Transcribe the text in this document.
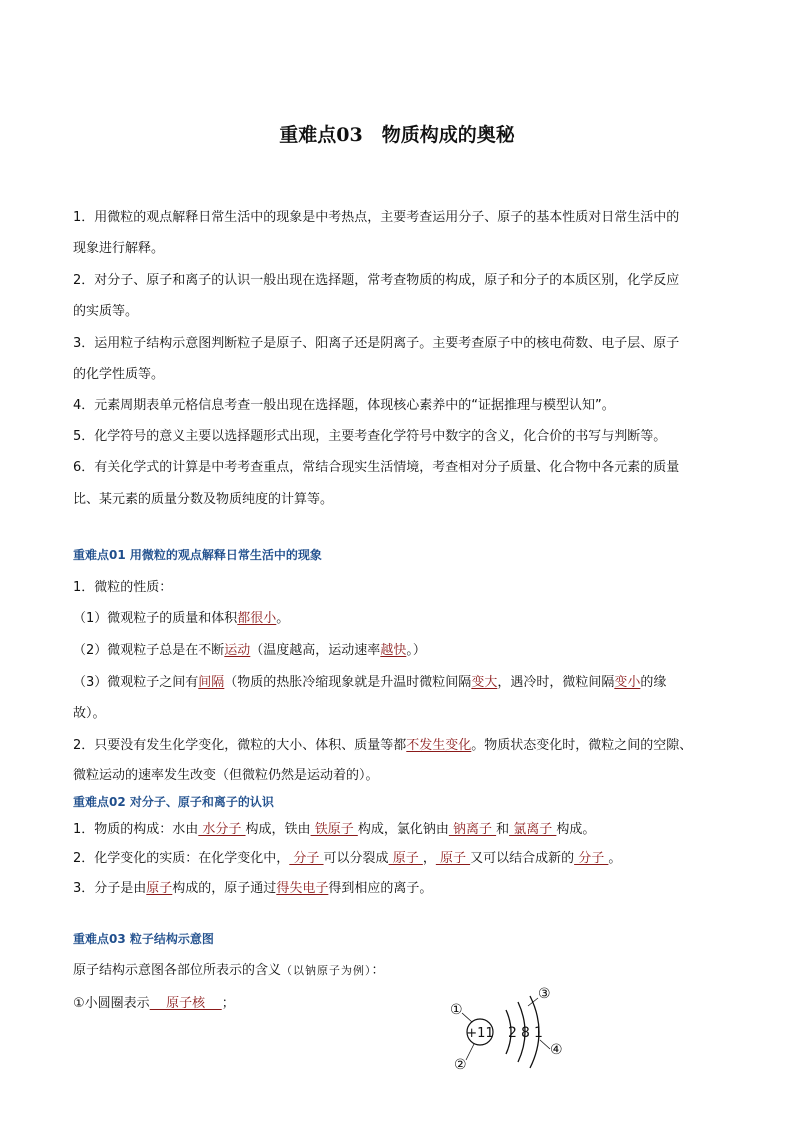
重难点03　物质构成的奥秘
1．用微粒的观点解释日常生活中的现象是中考热点，主要考查运用分子、原子的基本性质对日常生活中的
现象进行解释。
2．对分子、原子和离子的认识一般出现在选择题，常考查物质的构成，原子和分子的本质区别，化学反应
的实质等。
3．运用粒子结构示意图判断粒子是原子、阳离子还是阴离子。主要考查原子中的核电荷数、电子层、原子
的化学性质等。
4．元素周期表单元格信息考查一般出现在选择题，体现核心素养中的“证据推理与模型认知”。
5．化学符号的意义主要以选择题形式出现，主要考查化学符号中数字的含义，化合价的书写与判断等。
6．有关化学式的计算是中考考查重点，常结合现实生活情境，考查相对分子质量、化合物中各元素的质量
比、某元素的质量分数及物质纯度的计算等。
重难点01 用微粒的观点解释日常生活中的现象
1．微粒的性质：
（1）微观粒子的质量和体积都很小。
（2）微观粒子总是在不断运动（温度越高，运动速率越快。）
（3）微观粒子之间有间隔（物质的热胀冷缩现象就是升温时微粒间隔变大，遇冷时，微粒间隔变小的缘
故）。
2．只要没有发生化学变化，微粒的大小、体积、质量等都不发生变化。物质状态变化时，微粒之间的空隙、
微粒运动的速率发生改变（但微粒仍然是运动着的）。
重难点02 对分子、原子和离子的认识
1．物质的构成：水由 水分子 构成，铁由 铁原子 构成，氯化钠由 钠离子 和 氯离子 构成。
2．化学变化的实质：在化学变化中， 分子 可以分裂成 原子 ， 原子 又可以结合成新的 分子 。
3．分子是由原子构成的，原子通过得失电子得到相应的离子。
重难点03 粒子结构示意图
原子结构示意图各部位所表示的含义（以钠原子为例）：
①小圆圈表示    原子核    ；
+11 2 8 1
①
②
③
④
